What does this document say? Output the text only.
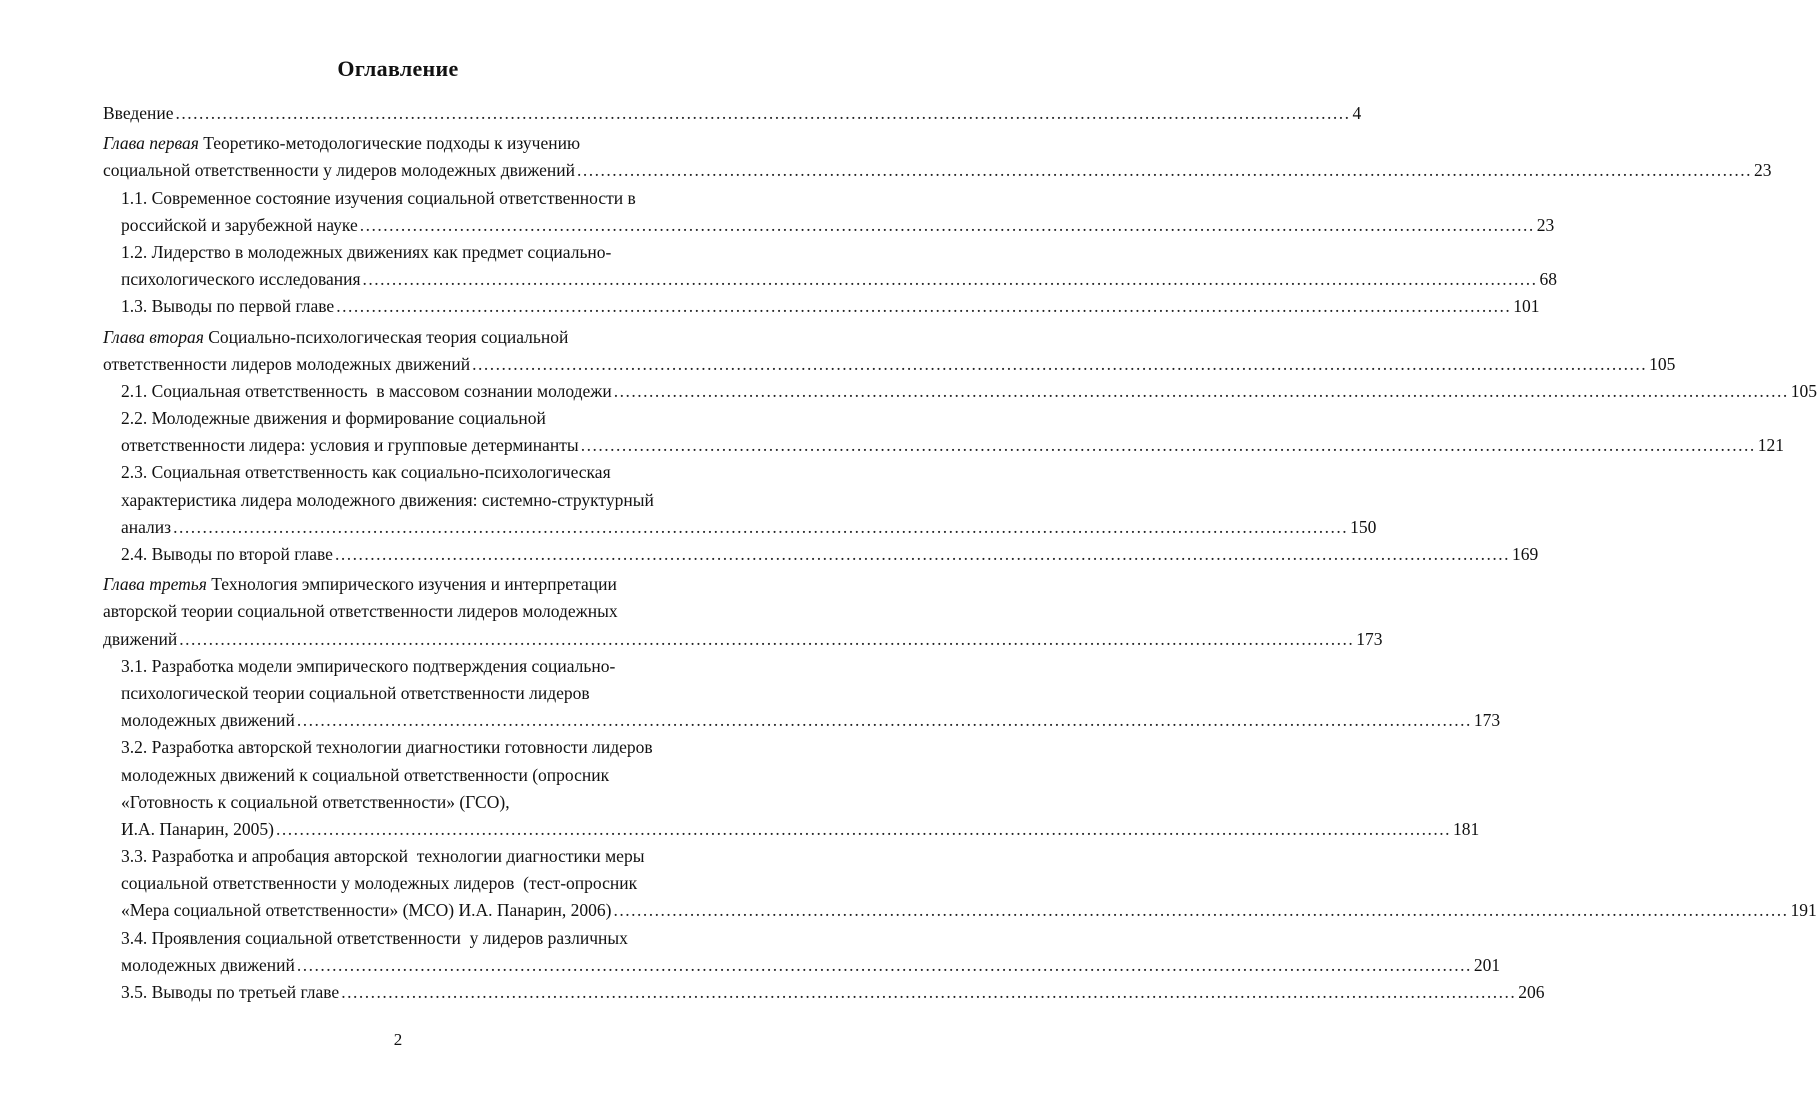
Оглавление
Введение ........................................................................................................................................................................................................ 4
Глава первая Теоретико-методологические подходы к изучению
социальной ответственности у лидеров молодежных движений ........................................................................................................................................................................................................ 23
1.1. Современное состояние изучения социальной ответственности в
российской и зарубежной науке ........................................................................................................................................................................................................ 23
1.2. Лидерство в молодежных движениях как предмет социально-
психологического исследования ........................................................................................................................................................................................................ 68
1.3. Выводы по первой главе ........................................................................................................................................................................................................ 101
Глава вторая Социально-психологическая теория социальной
ответственности лидеров молодежных движений ........................................................................................................................................................................................................ 105
2.1. Социальная ответственность  в массовом сознании молодежи ........................................................................................................................................................................................................ 105
2.2. Молодежные движения и формирование социальной
ответственности лидера: условия и групповые детерминанты ........................................................................................................................................................................................................ 121
2.3. Социальная ответственность как социально-психологическая
характеристика лидера молодежного движения: системно-структурный
анализ ........................................................................................................................................................................................................ 150
2.4. Выводы по второй главе ........................................................................................................................................................................................................ 169
Глава третья Технология эмпирического изучения и интерпретации
авторской теории социальной ответственности лидеров молодежных
движений ........................................................................................................................................................................................................ 173
3.1. Разработка модели эмпирического подтверждения социально-
психологической теории социальной ответственности лидеров
молодежных движений ........................................................................................................................................................................................................ 173
3.2. Разработка авторской технологии диагностики готовности лидеров
молодежных движений к социальной ответственности (опросник
«Готовность к социальной ответственности» (ГСО),
И.А. Панарин, 2005) ........................................................................................................................................................................................................ 181
3.3. Разработка и апробация авторской  технологии диагностики меры
социальной ответственности у молодежных лидеров  (тест-опросник
«Мера социальной ответственности» (МСО) И.А. Панарин, 2006) ........................................................................................................................................................................................................ 191
3.4. Проявления социальной ответственности  у лидеров различных
молодежных движений ........................................................................................................................................................................................................ 201
3.5. Выводы по третьей главе ........................................................................................................................................................................................................ 206
2
